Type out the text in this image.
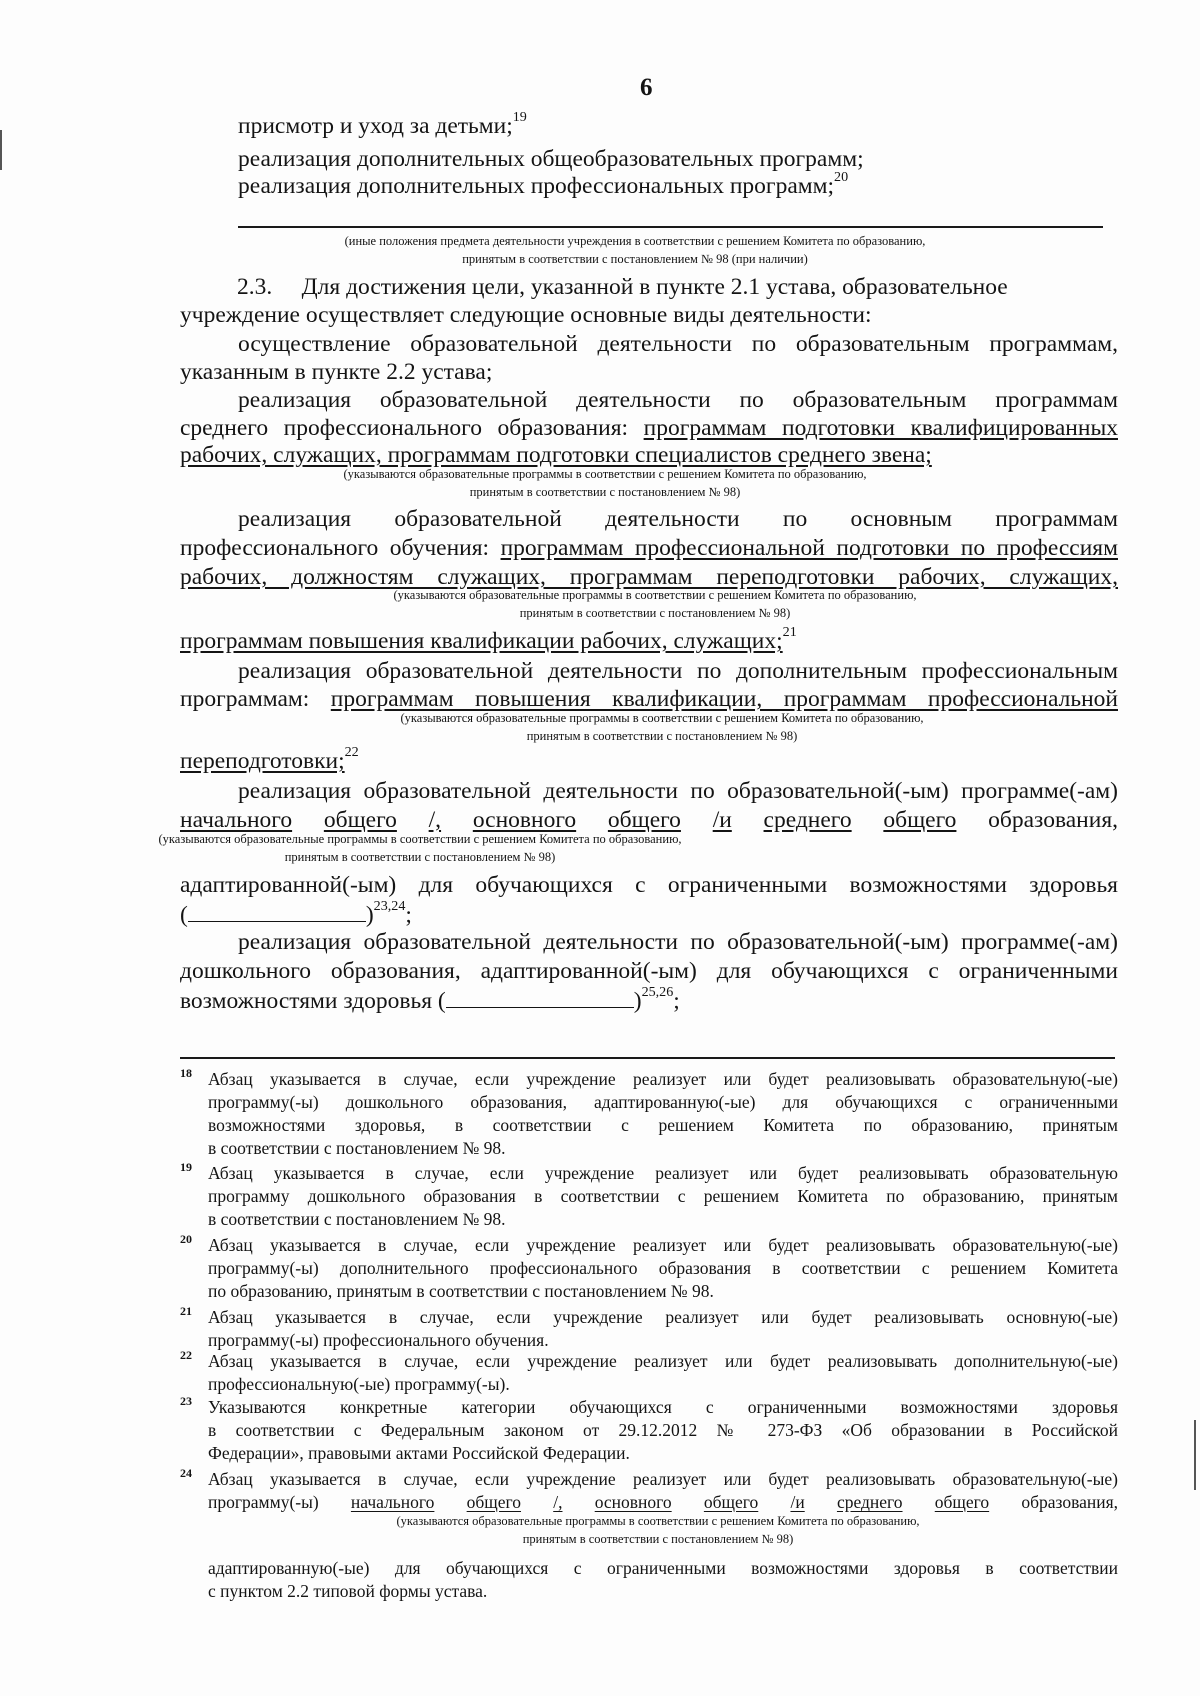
6
присмотр и уход за детьми;$^{19}$
реализация дополнительных общеобразовательных программ;
реализация дополнительных профессиональных программ;$^{20}$
(иные положения предмета деятельности учреждения в соответствии с решением Комитета по образованию,
принятым в соответствии с постановлением № 98 (при наличии)
2.3.     Для достижения цели, указанной в пункте 2.1 устава, образовательное
учреждение осуществляет следующие основные виды деятельности:
осуществление образовательной деятельности по образовательным программам,
указанным в пункте 2.2 устава;
реализация образовательной деятельности по образовательным программам
среднего профессионального образования: программам подготовки квалифицированных
рабочих, служащих, программам подготовки специалистов среднего звена;
(указываются образовательные программы в соответствии с решением Комитета по образованию,
принятым в соответствии с постановлением № 98)
реализация образовательной деятельности по основным программам
профессионального обучения: программам профессиональной подготовки по профессиям
рабочих, должностям служащих, программам переподготовки рабочих, служащих,
(указываются образовательные программы в соответствии с решением Комитета по образованию,
принятым в соответствии с постановлением № 98)
программам повышения квалификации рабочих, служащих;$^{21}$
реализация образовательной деятельности по дополнительным профессиональным
программам: программам повышения квалификации, программам профессиональной
(указываются образовательные программы в соответствии с решением Комитета по образованию,
принятым в соответствии с постановлением № 98)
переподготовки;$^{22}$
реализация образовательной деятельности по образовательной(-ым) программе(-ам)
начального общего /, основного общего /и среднего общего образования,
(указываются образовательные программы в соответствии с решением Комитета по образованию,
принятым в соответствии с постановлением № 98)
адаптированной(-ым) для обучающихся с ограниченными возможностями здоровья
(	)$^{23,24}$;
реализация образовательной деятельности по образовательной(-ым) программе(-ам)
дошкольного образования, адаптированной(-ым) для обучающихся с ограниченными
возможностями здоровья (	)$^{25,26}$;
18 Абзац указывается в случае, если учреждение реализует или будет реализовывать образовательную(-ые)
программу(-ы) дошкольного образования, адаптированную(-ые) для обучающихся с ограниченными
возможностями здоровья, в соответствии с решением Комитета по образованию, принятым
в соответствии с постановлением № 98.
19 Абзац указывается в случае, если учреждение реализует или будет реализовывать образовательную
программу дошкольного образования в соответствии с решением Комитета по образованию, принятым
в соответствии с постановлением № 98.
20 Абзац указывается в случае, если учреждение реализует или будет реализовывать образовательную(-ые)
программу(-ы) дополнительного профессионального образования в соответствии с решением Комитета
по образованию, принятым в соответствии с постановлением № 98.
21 Абзац указывается в случае, если учреждение реализует или будет реализовывать основную(-ые)
программу(-ы) профессионального обучения.
22 Абзац указывается в случае, если учреждение реализует или будет реализовывать дополнительную(-ые)
профессиональную(-ые) программу(-ы).
23 Указываются конкретные категории обучающихся с ограниченными возможностями здоровья
в соответствии с Федеральным законом от 29.12.2012 № 273-ФЗ «Об образовании в Российской
Федерации», правовыми актами Российской Федерации.
24 Абзац указывается в случае, если учреждение реализует или будет реализовывать образовательную(-ые)
программу(-ы) начального общего /, основного общего /и среднего общего образования,
(указываются образовательные программы в соответствии с решением Комитета по образованию,
принятым в соответствии с постановлением № 98)
адаптированную(-ые) для обучающихся с ограниченными возможностями здоровья в соответствии
с пунктом 2.2 типовой формы устава.
